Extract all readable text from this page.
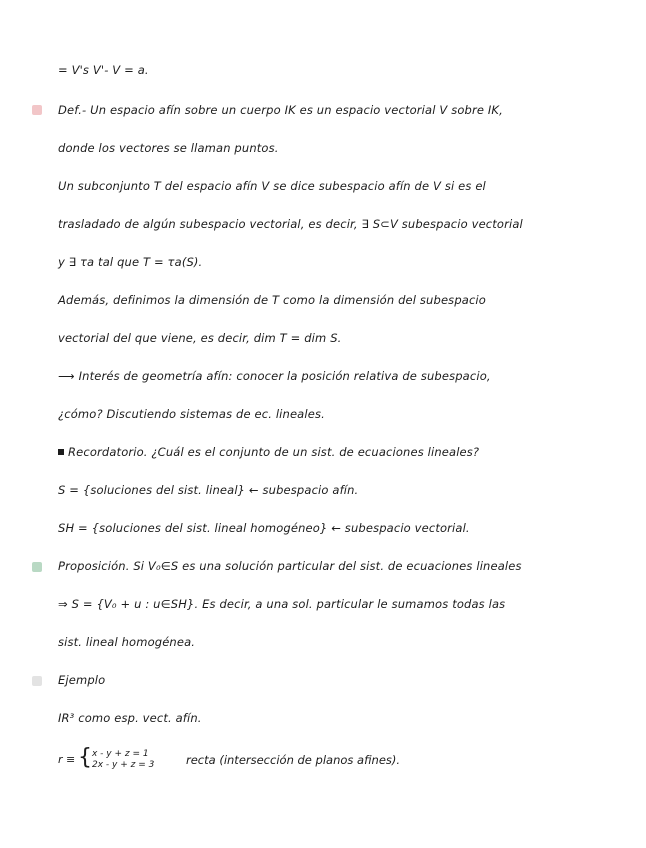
= V's V'- V = a.
Def.- Un espacio afín sobre un cuerpo IK es un espacio vectorial V sobre IK,
donde los vectores se llaman puntos.
Un subconjunto T del espacio afín V se dice subespacio afín de V si es el
trasladado de algún subespacio vectorial, es decir, ∃ S⊂V subespacio vectorial
y ∃ τa tal que T = τa(S).
Además, definimos la dimensión de T como la dimensión del subespacio
vectorial del que viene, es decir, dim T = dim S.
⟶ Interés de geometría afín: conocer la posición relativa de subespacio,
¿cómo? Discutiendo sistemas de ec. lineales.
Recordatorio. ¿Cuál es el conjunto de un sist. de ecuaciones lineales?
S = {soluciones del sist. lineal} ← subespacio afín.
SH = {soluciones del sist. lineal homogéneo} ← subespacio vectorial.
Proposición. Si V₀∈S es una solución particular del sist. de ecuaciones lineales
⇒ S = {V₀ + u : u∈SH}. Es decir, a una sol. particular le sumamos todas las
sist. lineal homogénea.
Ejemplo
IR³ como esp. vect. afín.
r ≡ { x - y + z = 1
2x - y + z = 3	recta (intersección de planos afines).
